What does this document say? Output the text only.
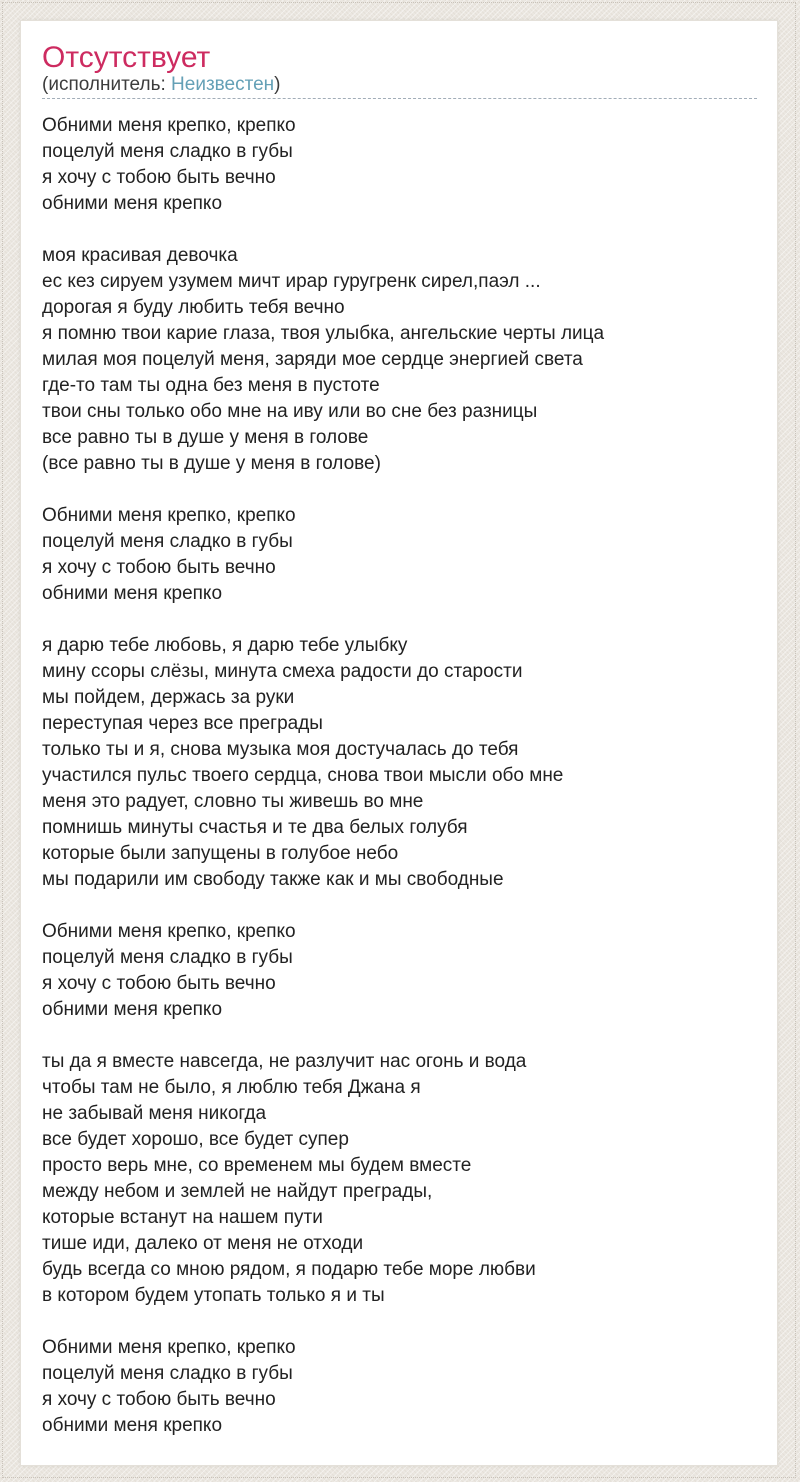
Отсутствует
(исполнитель: Неизвестен)

Обними меня крепко, крепко
поцелуй меня сладко в губы
я хочу с тобою быть вечно
обними меня крепко

моя красивая девочка
ес кез сируем узумем мичт ирар гуругренк сирел,паэл ...
дорогая я буду любить тебя вечно
я помню твои карие глаза, твоя улыбка, ангельские черты лица
милая моя поцелуй меня, заряди мое сердце энергией света
где-то там ты одна без меня в пустоте
твои сны только обо мне на иву или во сне без разницы
все равно ты в душе у меня в голове
(все равно ты в душе у меня в голове)

Обними меня крепко, крепко
поцелуй меня сладко в губы
я хочу с тобою быть вечно
обними меня крепко

я дарю тебе любовь, я дарю тебе улыбку
мину ссоры слёзы, минута смеха радости до старости
мы пойдем, держась за руки
переступая через все преграды
только ты и я, снова музыка моя достучалась до тебя
участился пульс твоего сердца, снова твои мысли обо мне
меня это радует, словно ты живешь во мне
помнишь минуты счастья и те два белых голубя
которые были запущены в голубое небо
мы подарили им свободу также как и мы свободные

Обними меня крепко, крепко
поцелуй меня сладко в губы
я хочу с тобою быть вечно
обними меня крепко

ты да я вместе навсегда, не разлучит нас огонь и вода
чтобы там не было, я люблю тебя Джана я
не забывай меня никогда
все будет хорошо, все будет супер
просто верь мне, со временем мы будем вместе
между небом и землей не найдут преграды,
которые встанут на нашем пути
тише иди, далеко от меня не отходи
будь всегда со мною рядом, я подарю тебе море любви
в котором будем утопать только я и ты

Обними меня крепко, крепко
поцелуй меня сладко в губы
я хочу с тобою быть вечно
обними меня крепко
